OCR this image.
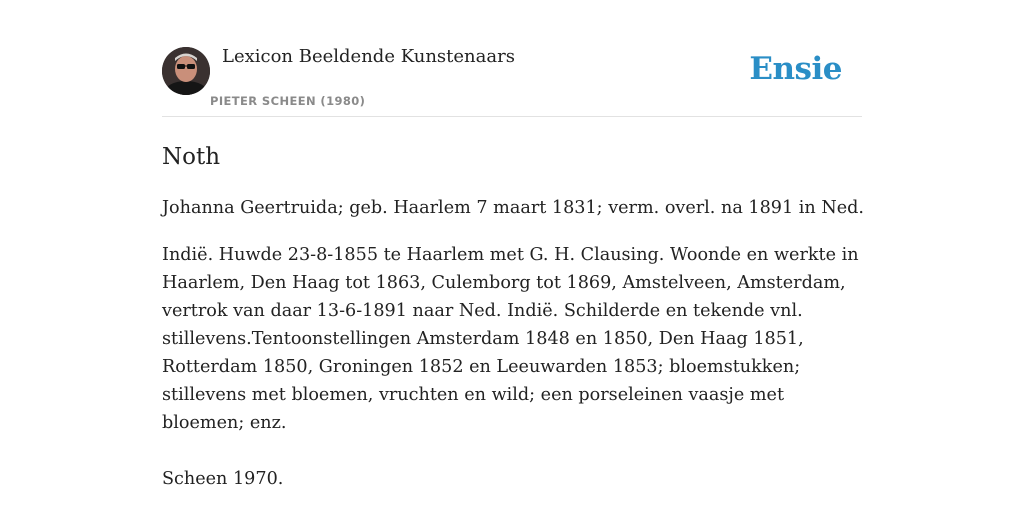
Lexicon Beeldende Kunstenaars
PIETER SCHEEN (1980)
Ensie
Noth

Johanna Geertruida; geb. Haarlem 7 maart 1831; verm. overl. na 1891 in Ned.

Indië. Huwde 23-8-1855 te Haarlem met G. H. Clausing. Woonde en werkte in Haarlem, Den Haag tot 1863, Culemborg tot 1869, Amstelveen, Amsterdam, vertrok van daar 13-6-1891 naar Ned. Indië. Schilderde en tekende vnl. stillevens.Tentoonstellingen Amsterdam 1848 en 1850, Den Haag 1851, Rotterdam 1850, Groningen 1852 en Leeuwarden 1853; bloemstukken; stillevens met bloemen, vruchten en wild; een porseleinen vaasje met bloemen; enz.

Scheen 1970.
